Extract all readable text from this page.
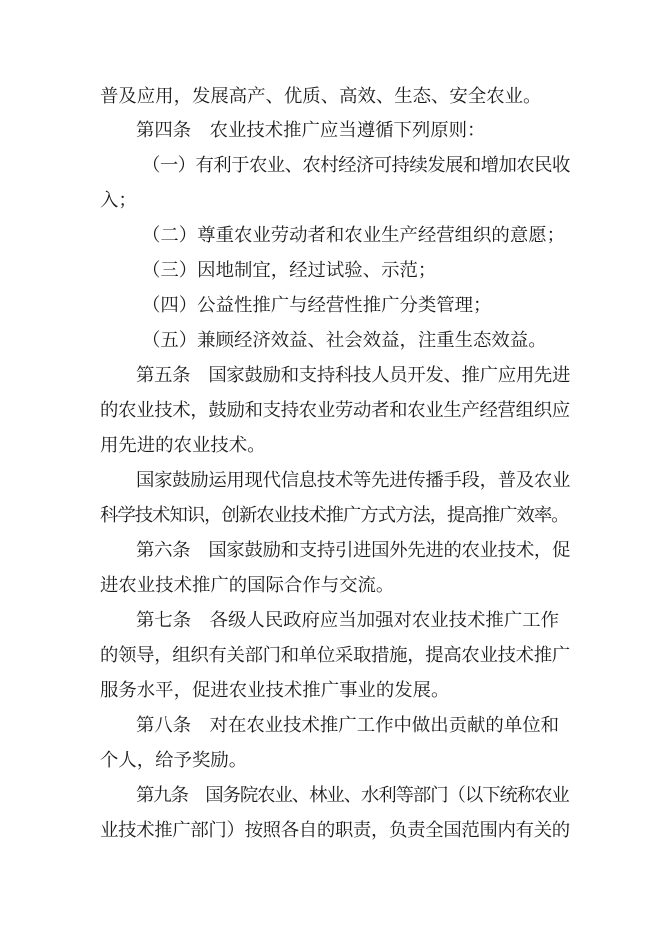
普及应用，发展高产、优质、高效、生态、安全农业。
第四条　农业技术推广应当遵循下列原则：
（一）有利于农业、农村经济可持续发展和增加农民收
入；
（二）尊重农业劳动者和农业生产经营组织的意愿；
（三）因地制宜，经过试验、示范；
（四）公益性推广与经营性推广分类管理；
（五）兼顾经济效益、社会效益，注重生态效益。
第五条　国家鼓励和支持科技人员开发、推广应用先进
的农业技术，鼓励和支持农业劳动者和农业生产经营组织应
用先进的农业技术。
国家鼓励运用现代信息技术等先进传播手段，普及农业
科学技术知识，创新农业技术推广方式方法，提高推广效率。
第六条　国家鼓励和支持引进国外先进的农业技术，促
进农业技术推广的国际合作与交流。
第七条　各级人民政府应当加强对农业技术推广工作
的领导，组织有关部门和单位采取措施，提高农业技术推广
服务水平，促进农业技术推广事业的发展。
第八条　对在农业技术推广工作中做出贡献的单位和
个人，给予奖励。
第九条　国务院农业、林业、水利等部门（以下统称农业
业技术推广部门）按照各自的职责，负责全国范围内有关的
